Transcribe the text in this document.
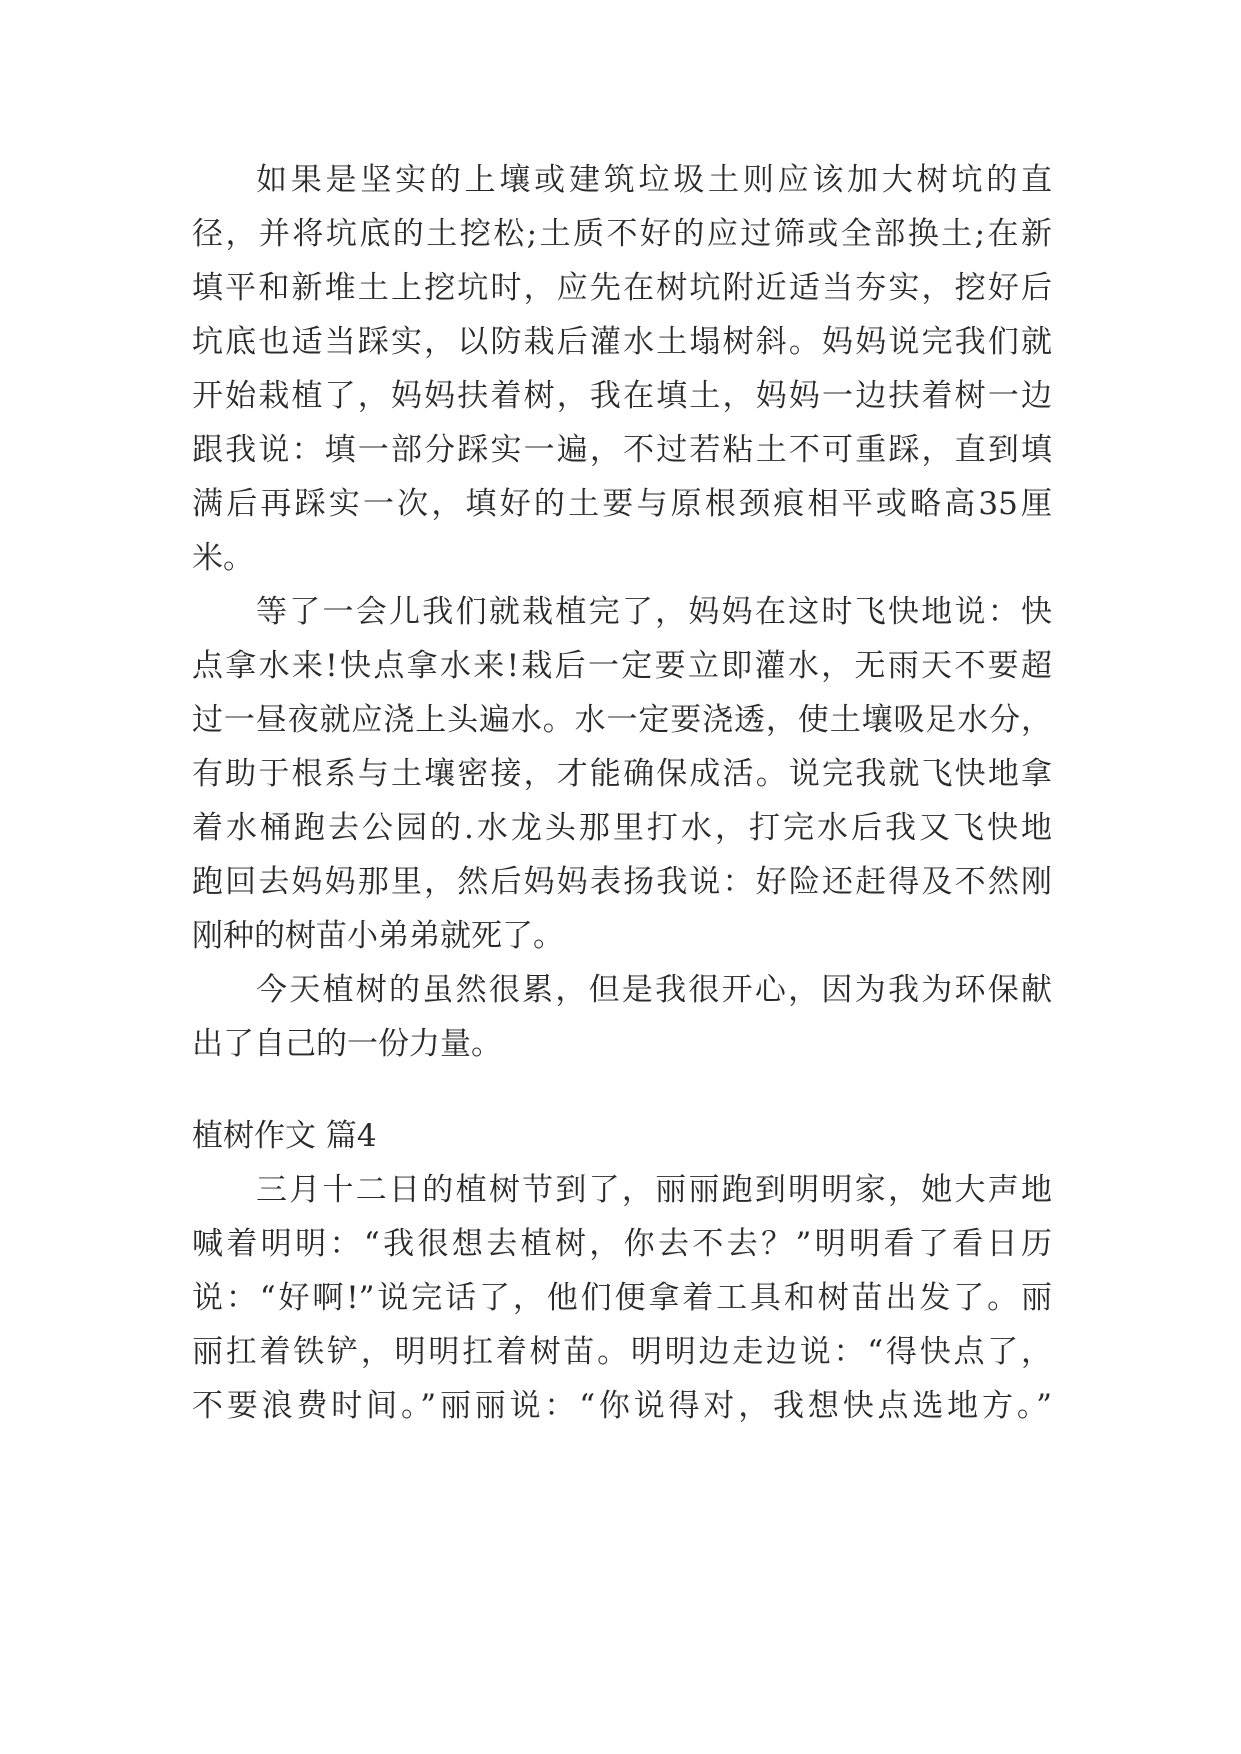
如果是坚实的上壤或建筑垃圾土则应该加大树坑的直
径，并将坑底的土挖松;土质不好的应过筛或全部换土;在新
填平和新堆土上挖坑时，应先在树坑附近适当夯实，挖好后
坑底也适当踩实，以防栽后灌水土塌树斜。妈妈说完我们就
开始栽植了，妈妈扶着树，我在填土，妈妈一边扶着树一边
跟我说：填一部分踩实一遍，不过若粘土不可重踩，直到填
满后再踩实一次，填好的土要与原根颈痕相平或略高35厘
米。
等了一会儿我们就栽植完了，妈妈在这时飞快地说：快
点拿水来!快点拿水来!栽后一定要立即灌水，无雨天不要超
过一昼夜就应浇上头遍水。水一定要浇透，使土壤吸足水分，
有助于根系与土壤密接，才能确保成活。说完我就飞快地拿
着水桶跑去公园的.水龙头那里打水，打完水后我又飞快地
跑回去妈妈那里，然后妈妈表扬我说：好险还赶得及不然刚
刚种的树苗小弟弟就死了。
今天植树的虽然很累，但是我很开心，因为我为环保献
出了自己的一份力量。
植树作文 篇4
三月十二日的植树节到了，丽丽跑到明明家，她大声地
喊着明明：“我很想去植树，你去不去？”明明看了看日历
说：“好啊!”说完话了，他们便拿着工具和树苗出发了。丽
丽扛着铁铲，明明扛着树苗。明明边走边说：“得快点了，
不要浪费时间。”丽丽说：“你说得对，我想快点选地方。”
